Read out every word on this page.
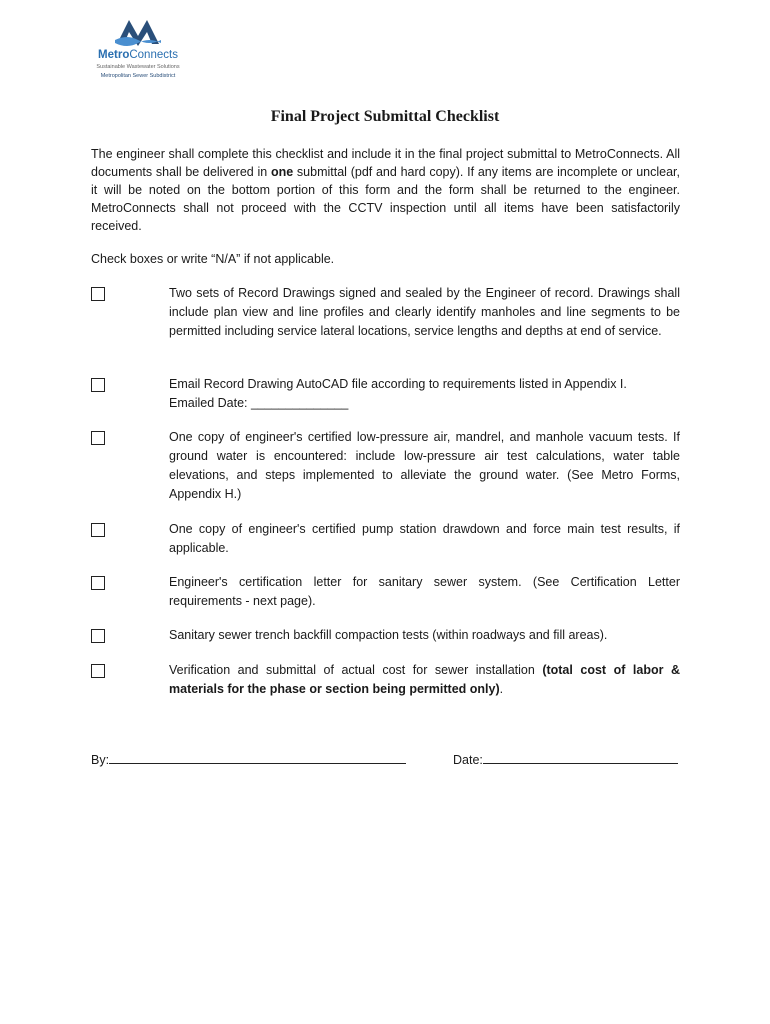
MetroConnects
Sustainable Wastewater Solutions
Metropolitan Sewer Subdistrict
Final Project Submittal Checklist
The engineer shall complete this checklist and include it in the final project submittal to MetroConnects. All documents shall be delivered in one submittal (pdf and hard copy). If any items are incomplete or unclear, it will be noted on the bottom portion of this form and the form shall be returned to the engineer. MetroConnects shall not proceed with the CCTV inspection until all items have been satisfactorily received.
Check boxes or write “N/A” if not applicable.
Two sets of Record Drawings signed and sealed by the Engineer of record. Drawings shall include plan view and line profiles and clearly identify manholes and line segments to be permitted including service lateral locations, service lengths and depths at end of service.
Email Record Drawing AutoCAD file according to requirements listed in Appendix I.
Emailed Date: ______________
One copy of engineer's certified low-pressure air, mandrel, and manhole vacuum tests. If ground water is encountered: include low-pressure air test calculations, water table elevations, and steps implemented to alleviate the ground water. (See Metro Forms, Appendix H.)
One copy of engineer's certified pump station drawdown and force main test results, if applicable.
Engineer's certification letter for sanitary sewer system. (See Certification Letter requirements - next page).
Sanitary sewer trench backfill compaction tests (within roadways and fill areas).
Verification and submittal of actual cost for sewer installation (total cost of labor & materials for the phase or section being permitted only).
By:	Date:
